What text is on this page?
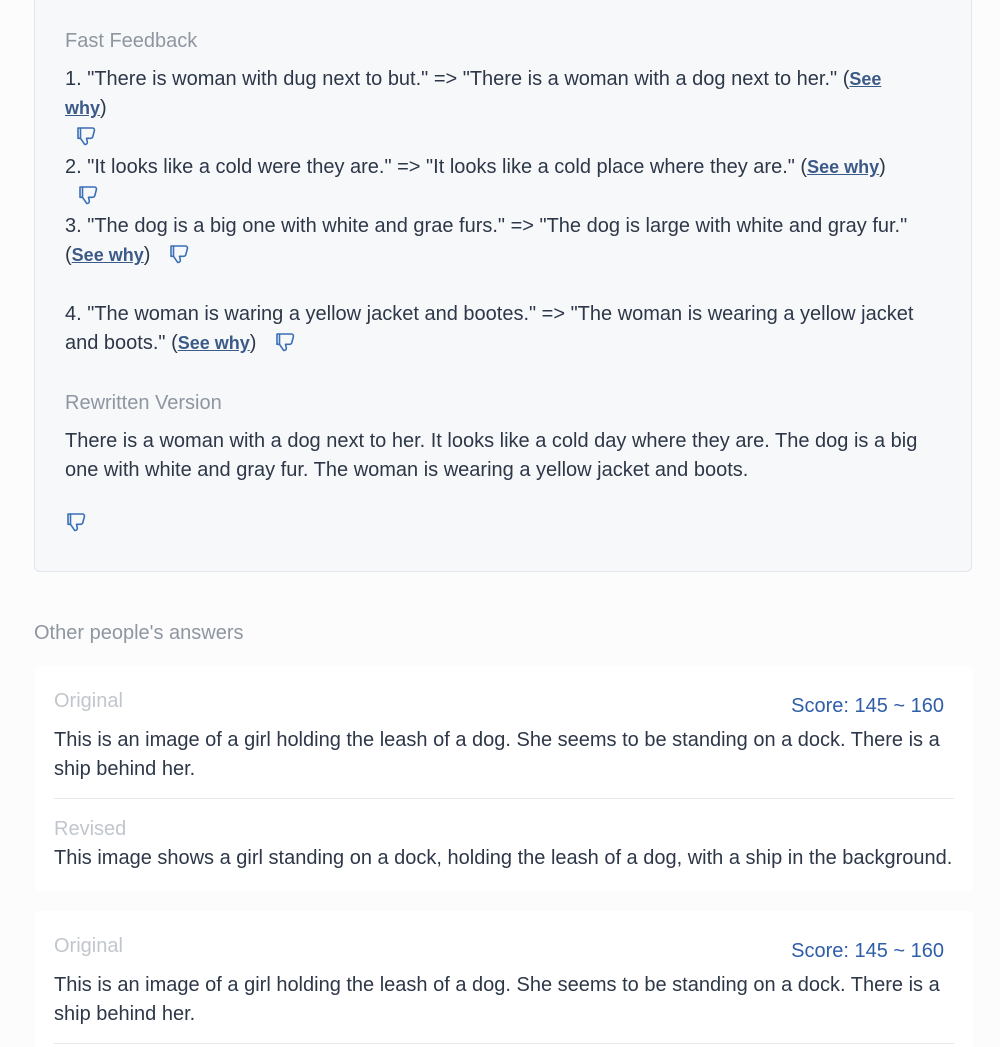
Fast Feedback
1. "There is woman with dug next to but." => "There is a woman with a dog next to her." (See why)

2. "It looks like a cold were they are." => "It looks like a cold place where they are." (See why)
3. "The dog is a big one with white and grae furs." => "The dog is large with white and gray fur." (See why)
4. "The woman is waring a yellow jacket and bootes." => "The woman is wearing a yellow jacket and boots." (See why)
Rewritten Version
There is a woman with a dog next to her. It looks like a cold day where they are. The dog is a big one with white and gray fur. The woman is wearing a yellow jacket and boots.
Other people's answers
Original	Score: 145 ~ 160
This is an image of a girl holding the leash of a dog. She seems to be standing on a dock. There is a ship behind her.
Revised
This image shows a girl standing on a dock, holding the leash of a dog, with a ship in the background.
Original	Score: 145 ~ 160
This is an image of a girl holding the leash of a dog. She seems to be standing on a dock. There is a ship behind her.
